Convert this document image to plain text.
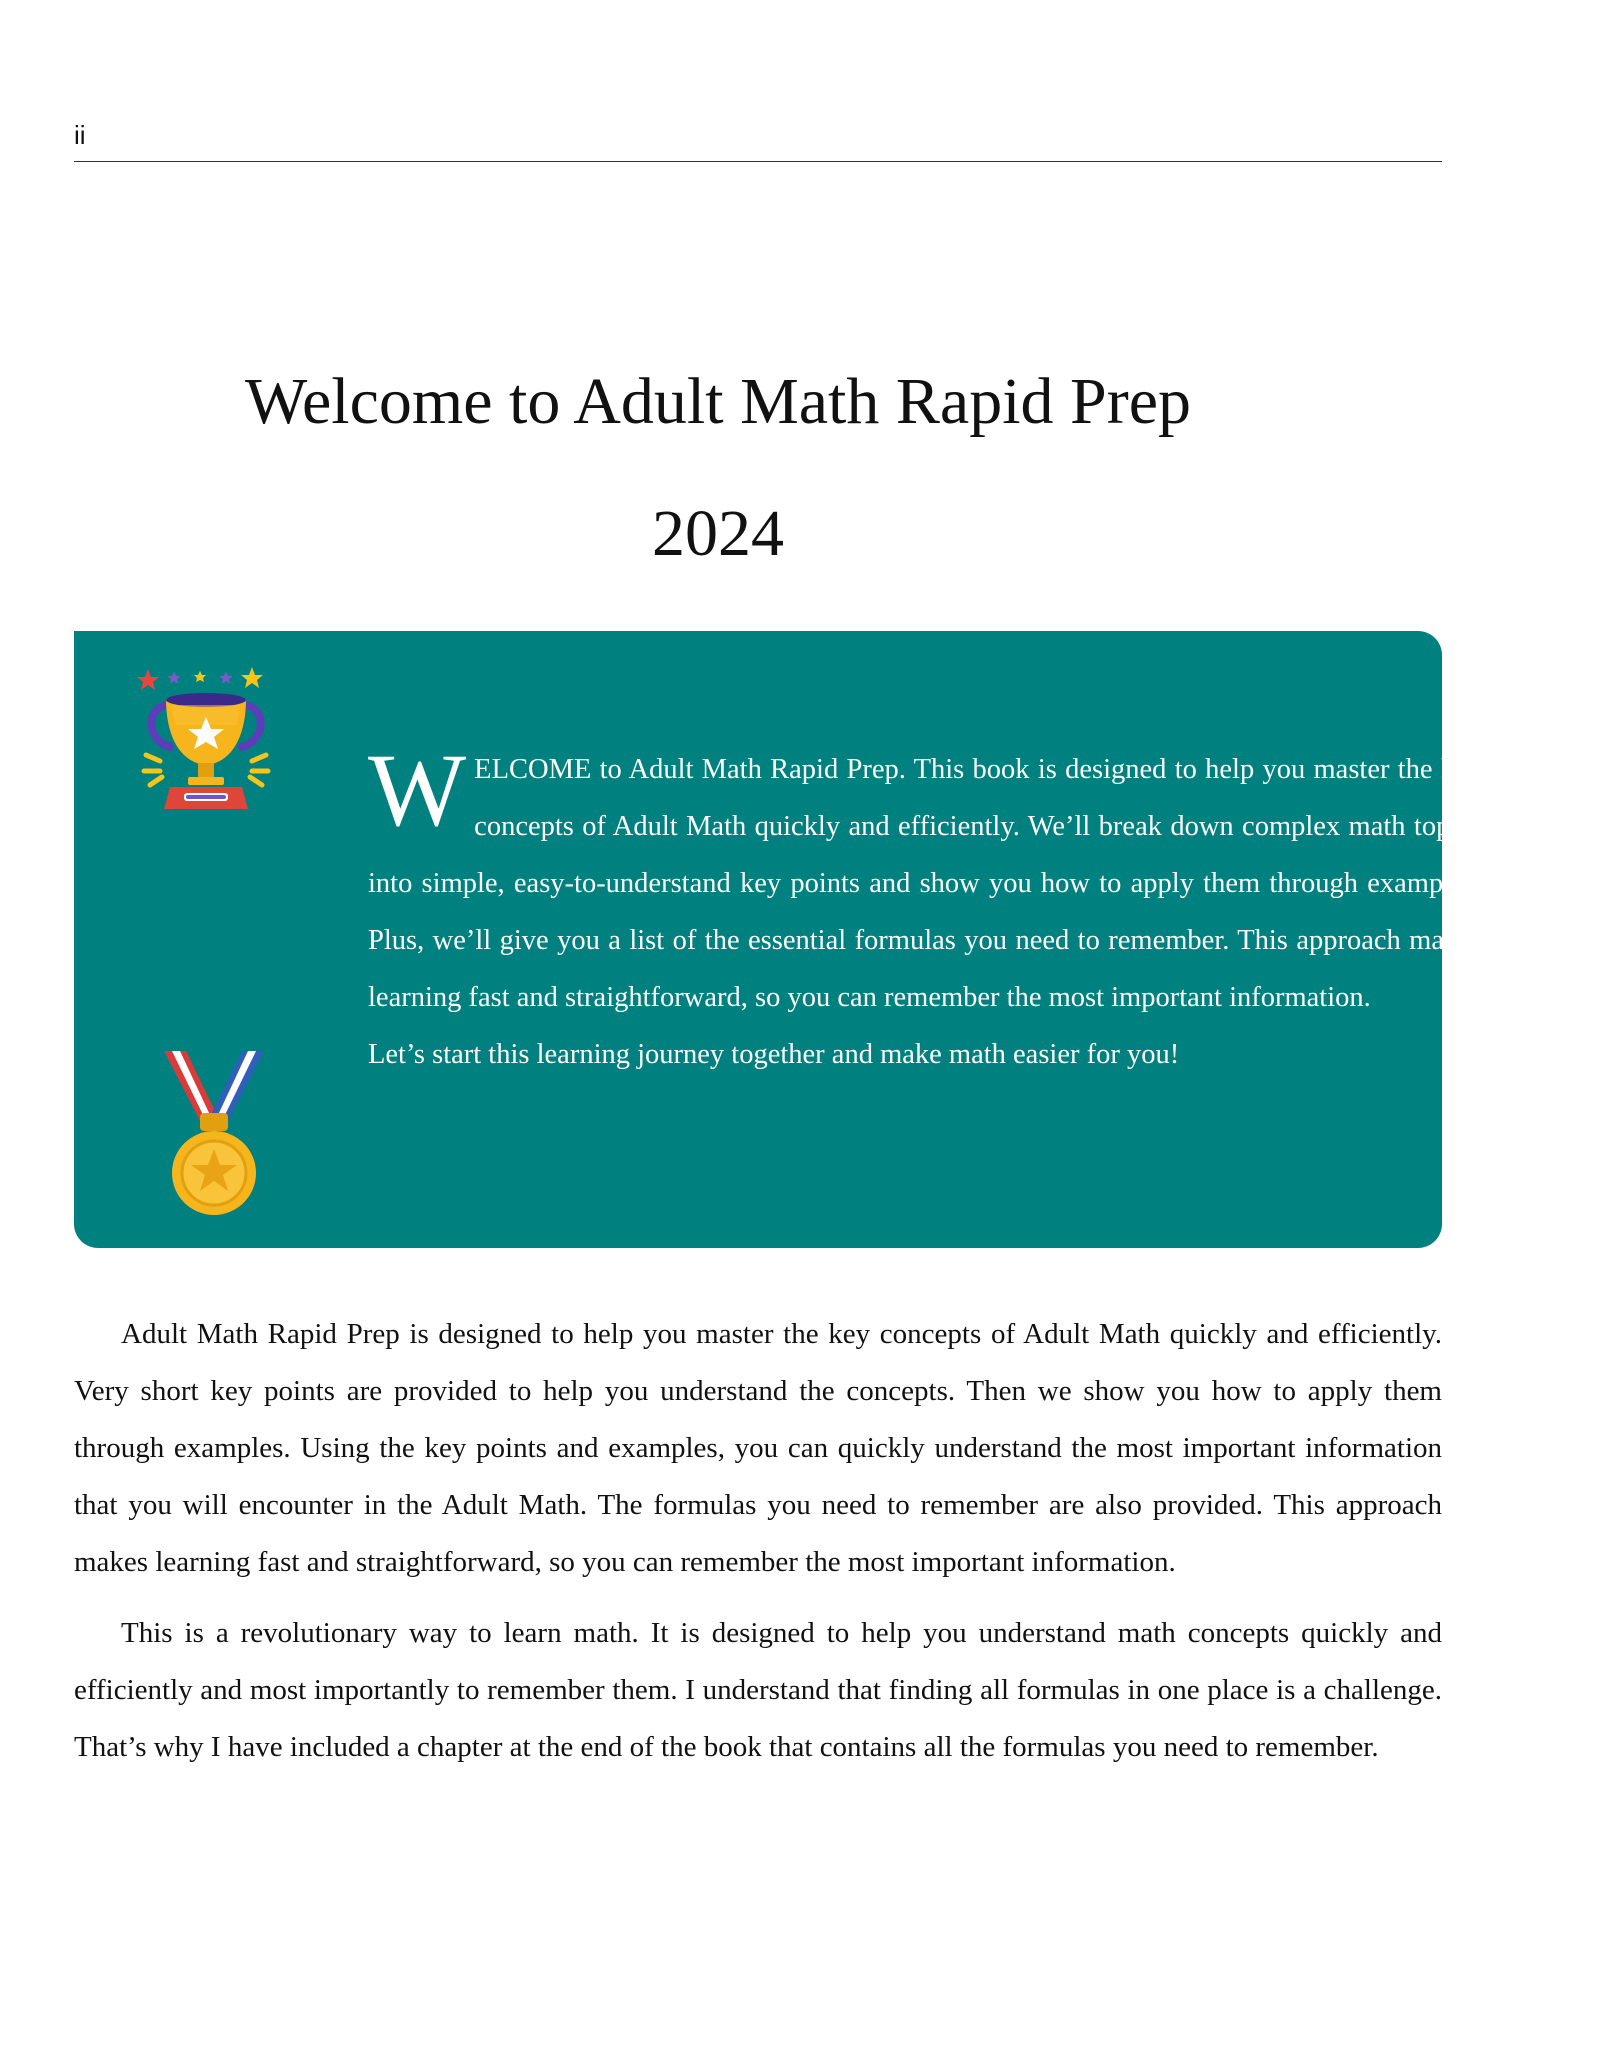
ii
Welcome to Adult Math Rapid Prep
2024

WELCOME to Adult Math Rapid Prep. This book is designed to help you master the key concepts of Adult Math quickly and efficiently. We’ll break down complex math topics into simple, easy-to-understand key points and show you how to apply them through examples. Plus, we’ll give you a list of the essential formulas you need to remember. This approach makes learning fast and straightforward, so you can remember the most important information.

Let’s start this learning journey together and make math easier for you!

Adult Math Rapid Prep is designed to help you master the key concepts of Adult Math quickly and efficiently. Very short key points are provided to help you understand the concepts. Then we show you how to apply them through examples. Using the key points and examples, you can quickly understand the most important information that you will encounter in the Adult Math. The formulas you need to remember are also provided. This approach makes learning fast and straightforward, so you can remember the most important information.

This is a revolutionary way to learn math. It is designed to help you understand math concepts quickly and efficiently and most importantly to remember them. I understand that finding all formulas in one place is a challenge. That’s why I have included a chapter at the end of the book that contains all the formulas you need to remember.
